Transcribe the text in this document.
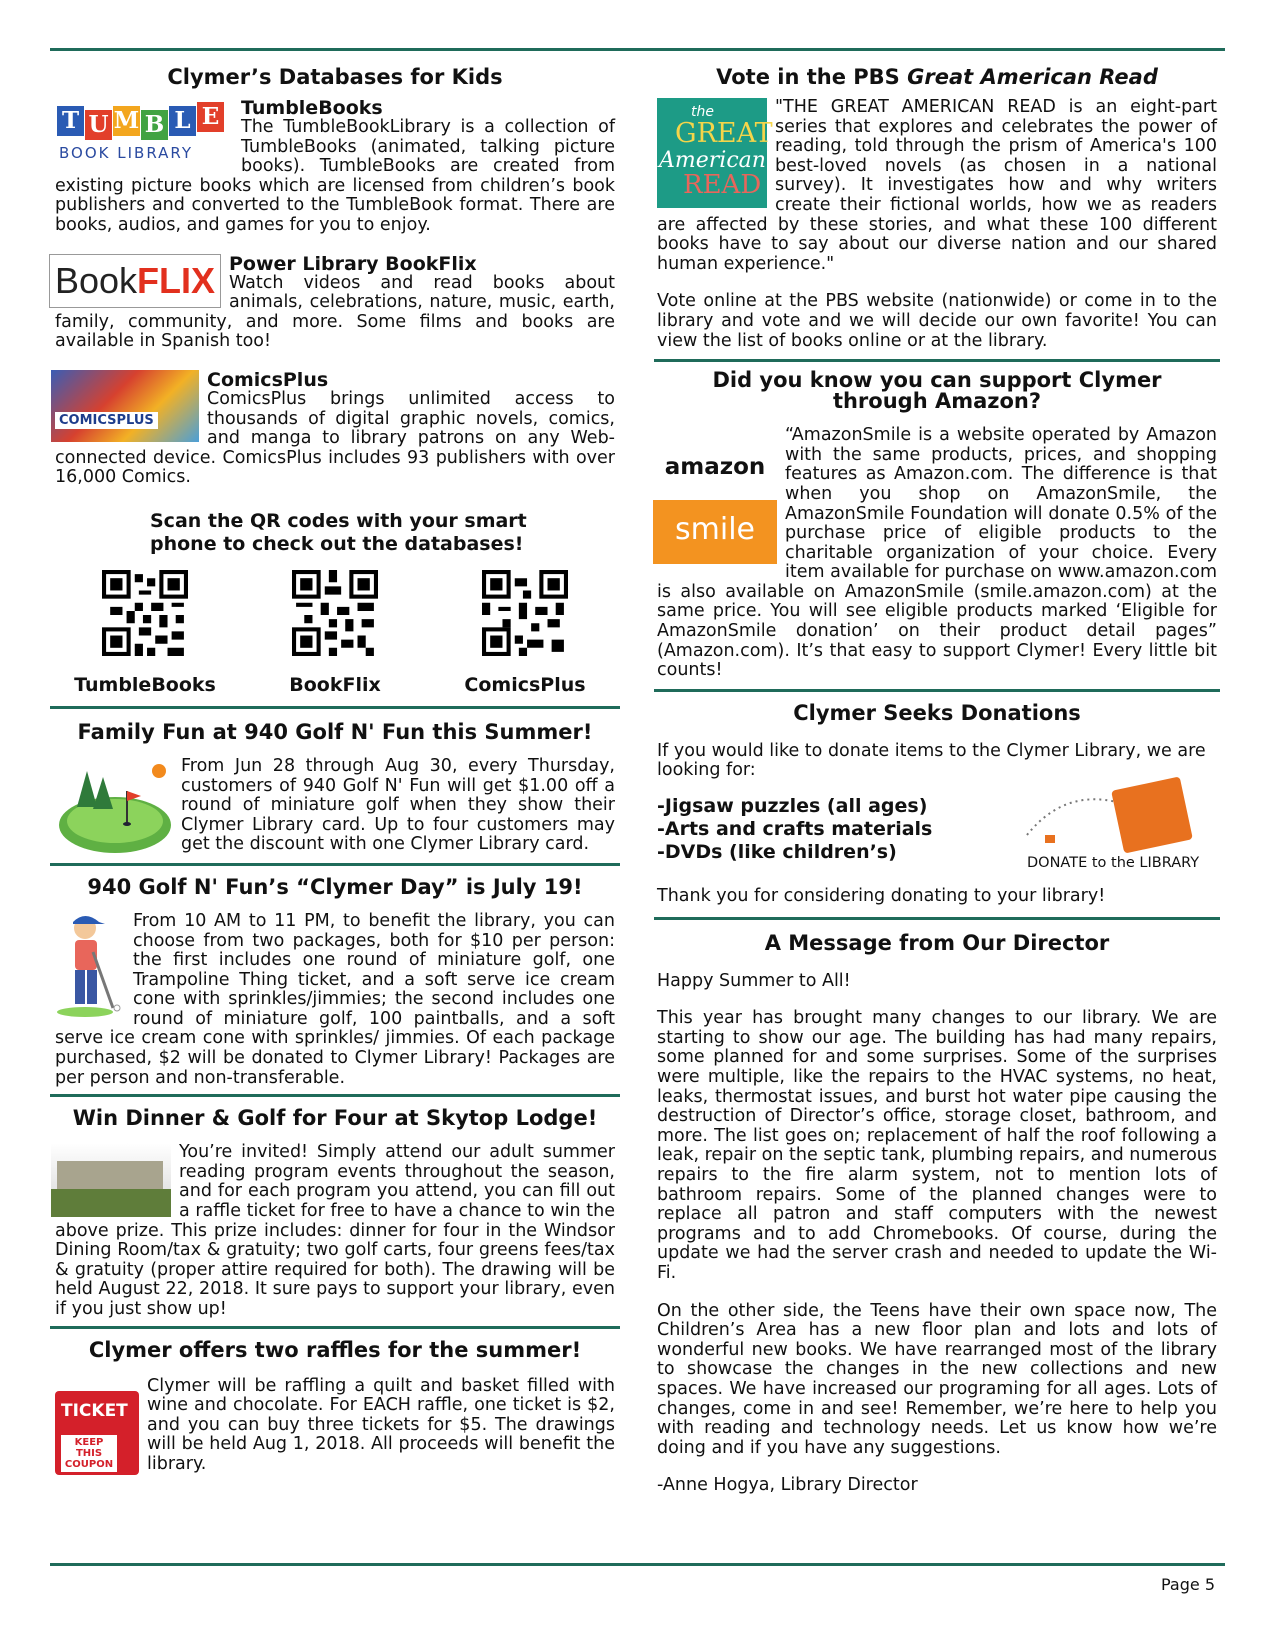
Page 5
Clymer’s Databases for Kids
T U M B L E
BOOK LIBRARY

TumbleBooks

The TumbleBookLibrary is a collection of TumbleBooks (animated, talking picture books). TumbleBooks are created from existing picture books which are licensed from children’s book publishers and converted to the TumbleBook format. There are books, audios, and games for you to enjoy.

Book FLIX Power Library BookFlix

Watch videos and read books about animals, celebrations, nature, music, earth, family, community, and more. Some films and books are available in Spanish too!

COMICSPLUS

ComicsPlus

ComicsPlus brings unlimited access to thousands of digital graphic novels, comics, and manga to library patrons on any Web-connected device. ComicsPlus includes 93 publishers with over 16,000 Comics.

Scan the QR codes with your smart
phone to check out the databases!
TumbleBooks	BookFlix	ComicsPlus
Family Fun at 940 Golf N' Fun this Summer!

From Jun 28 through Aug 30, every Thursday, customers of 940 Golf N' Fun will get $1.00 off a round of miniature golf when they show their Clymer Library card. Up to four customers may get the discount with one Clymer Library card.

940 Golf N' Fun’s “Clymer Day” is July 19!

From 10 AM to 11 PM, to benefit the library, you can choose from two packages, both for $10 per person: the first includes one round of miniature golf, one Trampoline Thing ticket, and a soft serve ice cream cone with sprinkles/jimmies; the second includes one round of miniature golf, 100 paintballs, and a soft serve ice cream cone with sprinkles/ jimmies. Of each package purchased, $2 will be donated to Clymer Library! Packages are per person and non-transferable.

Win Dinner & Golf for Four at Skytop Lodge!

You’re invited! Simply attend our adult summer reading program events throughout the season, and for each program you attend, you can fill out a raffle ticket for free to have a chance to win the above prize. This prize includes: dinner for four in the Windsor Dining Room/tax & gratuity; two golf carts, four greens fees/tax & gratuity (proper attire required for both). The drawing will be held August 22, 2018. It sure pays to support your library, even if you just show up!

Clymer offers two raffles for the summer!
TICKET
KEEP THIS COUPON

Clymer will be raffling a quilt and basket filled with wine and chocolate. For EACH raffle, one ticket is $2, and you can buy three tickets for $5. The drawings will be held Aug 1, 2018. All proceeds will benefit the library.

Vote in the PBS Great American Read
the
GREAT
American
READ

"THE GREAT AMERICAN READ is an eight-part series that explores and celebrates the power of reading, told through the prism of America's 100 best-loved novels (as chosen in a national survey). It investigates how and why writers create their fictional worlds, how we as readers are affected by these stories, and what these 100 different books have to say about our diverse nation and our shared human experience."

Vote online at the PBS website (nationwide) or come in to the library and vote and we will decide our own favorite! You can view the list of books online or at the library.

Did you know you can support Clymer
through Amazon?
amazon
smile

“AmazonSmile is a website operated by Amazon with the same products, prices, and shopping features as Amazon.com. The difference is that when you shop on AmazonSmile, the AmazonSmile Foundation will donate 0.5% of the purchase price of eligible products to the charitable organization of your choice. Every item available for purchase on www.amazon.com is also available on AmazonSmile (smile.amazon.com) at the same price. You will see eligible products marked ‘Eligible for AmazonSmile donation’ on their product detail pages” (Amazon.com). It’s that easy to support Clymer! Every little bit counts!

Clymer Seeks Donations

If you would like to donate items to the Clymer Library, we are looking for:

-Jigsaw puzzles (all ages)
-Arts and crafts materials
-DVDs (like children’s)	DONATE to the LIBRARY

Thank you for considering donating to your library!

A Message from Our Director

Happy Summer to All!

This year has brought many changes to our library. We are starting to show our age. The building has had many repairs, some planned for and some surprises. Some of the surprises were multiple, like the repairs to the HVAC systems, no heat, leaks, thermostat issues, and burst hot water pipe causing the destruction of Director’s office, storage closet, bathroom, and more. The list goes on; replacement of half the roof following a leak, repair on the septic tank, plumbing repairs, and numerous repairs to the fire alarm system, not to mention lots of bathroom repairs. Some of the planned changes were to replace all patron and staff computers with the newest programs and to add Chromebooks. Of course, during the update we had the server crash and needed to update the Wi-Fi.

On the other side, the Teens have their own space now, The Children’s Area has a new floor plan and lots and lots of wonderful new books. We have rearranged most of the library to showcase the changes in the new collections and new spaces. We have increased our programing for all ages. Lots of changes, come in and see! Remember, we’re here to help you with reading and technology needs. Let us know how we’re doing and if you have any suggestions.

-Anne Hogya, Library Director
